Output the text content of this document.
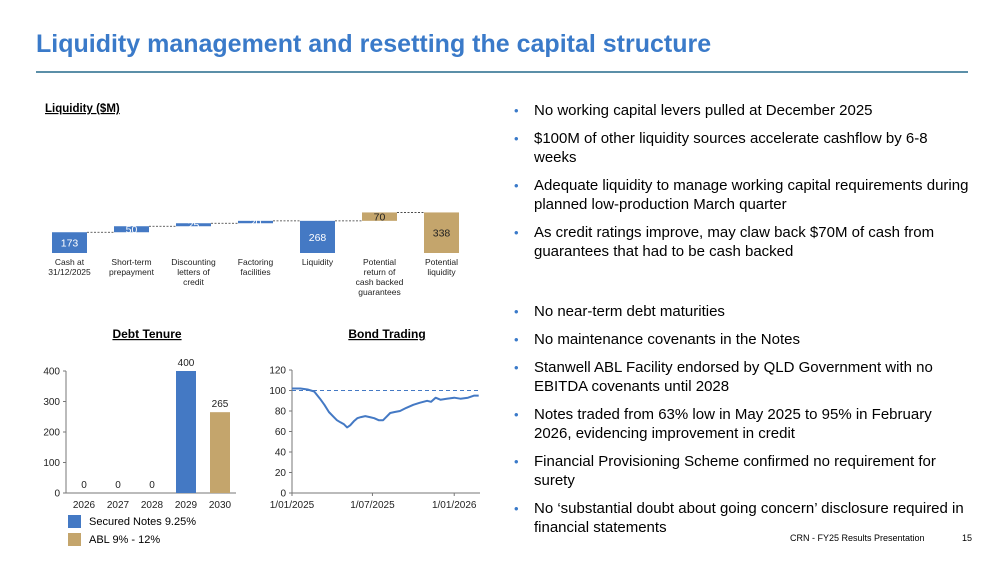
Liquidity management and resetting the capital structure
Liquidity ($M)
173
Cash at 31/12/2025
50
Short-term prepayment
25
Discounting letters of credit
20
Factoring facilities
268
Liquidity
70
Potential return of cash backed guarantees
338
Potential liquidity
Debt Tenure
0
100
200
300
400
0
2026
0
2027
0
2028
400
2029
265
2030
Secured Notes 9.25%
ABL 9% - 12%
Bond Trading
0
20
40
60
80
100
120
1/01/2025	1/07/2025	1/01/2026
• No working capital levers pulled at December 2025
• $100M of other liquidity sources accelerate cashflow by 6-8 weeks
• Adequate liquidity to manage working capital requirements during planned low-production March quarter
• As credit ratings improve, may claw back $70M of cash from guarantees that had to be cash backed
• No near-term debt maturities
• No maintenance covenants in the Notes
• Stanwell ABL Facility endorsed by QLD Government with no EBITDA covenants until 2028
• Notes traded from 63% low in May 2025 to 95% in February 2026, evidencing improvement in credit
• Financial Provisioning Scheme confirmed no requirement for surety
• No ‘substantial doubt about going concern’ disclosure required in financial statements
CRN - FY25 Results Presentation	15
